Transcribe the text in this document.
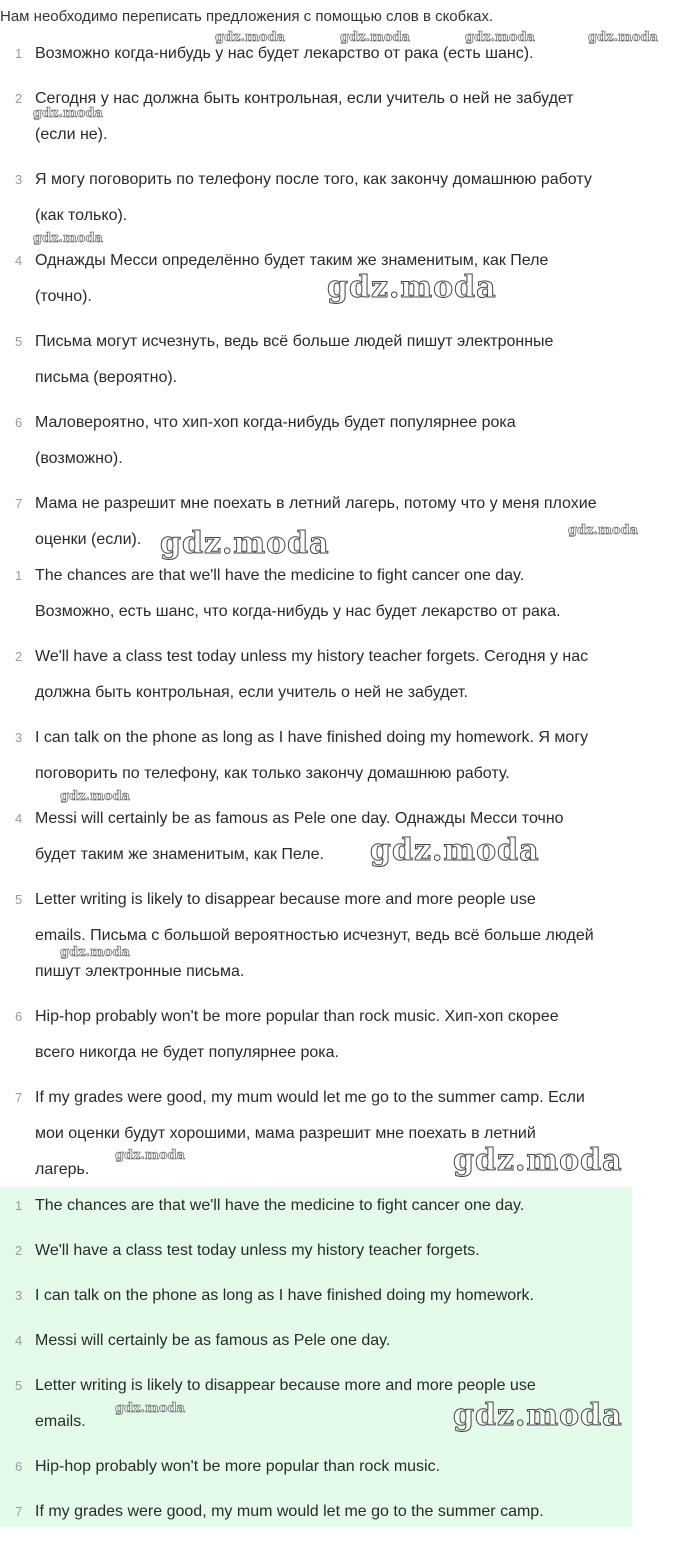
Нам необходимо переписать предложения с помощью слов в скобках.
1 Возможно когда-нибудь у нас будет лекарство от рака (есть шанс).
2 Сегодня у нас должна быть контрольная, если учитель о ней не забудет
(если не).
3 Я могу поговорить по телефону после того, как закончу домашнюю работу
(как только).
4 Однажды Месси определённо будет таким же знаменитым, как Пеле
(точно).
5 Письма могут исчезнуть, ведь всё больше людей пишут электронные
письма (вероятно).
6 Маловероятно, что хип-хоп когда-нибудь будет популярнее рока
(возможно).
7 Мама не разрешит мне поехать в летний лагерь, потому что у меня плохие
оценки (если).
1 The chances are that we'll have the medicine to fight cancer one day.
Возможно, есть шанс, что когда-нибудь у нас будет лекарство от рака.
2 We'll have a class test today unless my history teacher forgets. Сегодня у нас
должна быть контрольная, если учитель о ней не забудет.
3 I can talk on the phone as long as I have finished doing my homework. Я могу
поговорить по телефону, как только закончу домашнюю работу.
4 Messi will certainly be as famous as Pele one day. Однажды Месси точно
будет таким же знаменитым, как Пеле.
5 Letter writing is likely to disappear because more and more people use
emails. Письма с большой вероятностью исчезнут, ведь всё больше людей
пишут электронные письма.
6 Hip-hop probably won't be more popular than rock music. Хип-хоп скорее
всего никогда не будет популярнее рока.
7 If my grades were good, my mum would let me go to the summer camp. Если
мои оценки будут хорошими, мама разрешит мне поехать в летний
лагерь.
1 The chances are that we'll have the medicine to fight cancer one day.
2 We'll have a class test today unless my history teacher forgets.
3 I can talk on the phone as long as I have finished doing my homework.
4 Messi will certainly be as famous as Pele one day.
5 Letter writing is likely to disappear because more and more people use
emails.
6 Hip-hop probably won't be more popular than rock music.
7 If my grades were good, my mum would let me go to the summer camp.
gdz.moda	gdz.moda	gdz.moda	gdz.moda
gdz.moda
gdz.moda
gdz.moda
gdz.moda	gdz.moda
gdz.moda
gdz.moda
gdz.moda
gdz.moda	gdz.moda
gdz.moda	gdz.moda
